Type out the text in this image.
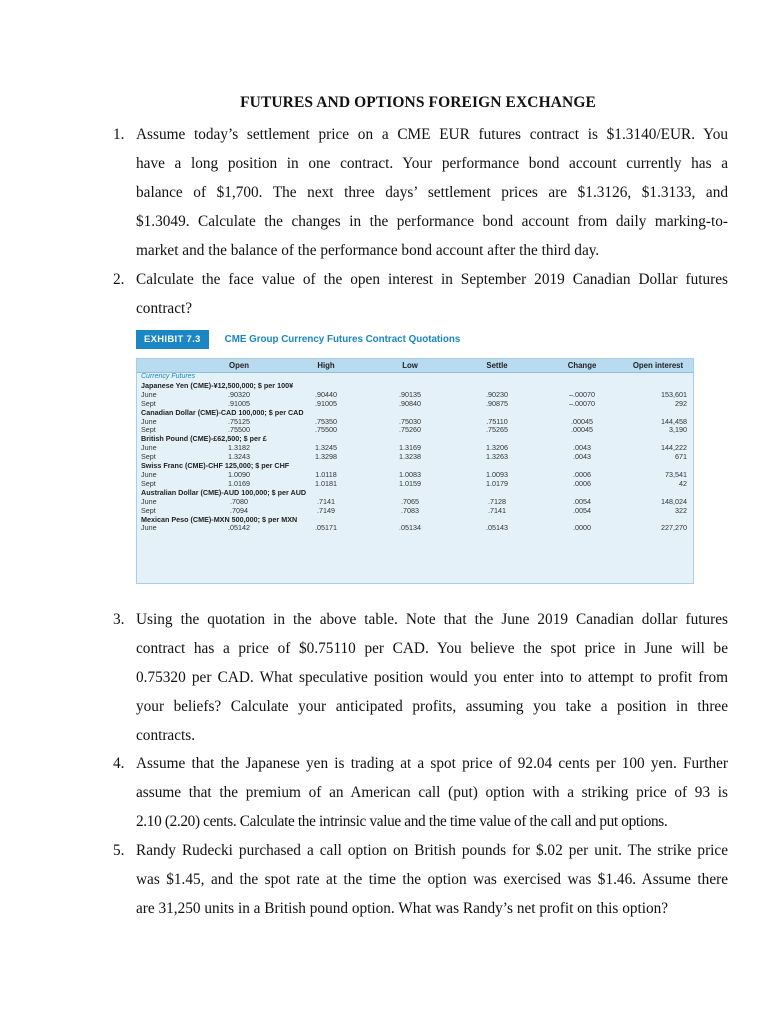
FUTURES AND OPTIONS FOREIGN EXCHANGE
1. Assume today’s settlement price on a CME EUR futures contract is $1.3140/EUR. You
have a long position in one contract. Your performance bond account currently has a
balance of $1,700. The next three days’ settlement prices are $1.3126, $1.3133, and
$1.3049. Calculate the changes in the performance bond account from daily marking-to-
market and the balance of the performance bond account after the third day.
2. Calculate the face value of the open interest in September 2019 Canadian Dollar futures
contract?
EXHIBIT 7.3	CME Group Currency Futures Contract Quotations
	Open	High	Low	Settle	Change	Open interest
Currency Futures						
Japanese Yen (CME)-¥12,500,000; $ per 100¥						
June	.90320	.90440	.90135	.90230	–.00070	153,601
Sept	.91005	.91005	.90840	.90875	–.00070	292
Canadian Dollar (CME)-CAD 100,000; $ per CAD						
June	.75125	.75350	.75030	.75110	.00045	144,458
Sept	.75500	.75500	.75260	.75265	.00045	3,190
British Pound (CME)-£62,500; $ per £						
June	1.3182	1.3245	1.3169	1.3206	.0043	144,222
Sept	1.3243	1.3298	1.3238	1.3263	.0043	671
Swiss Franc (CME)-CHF 125,000; $ per CHF						
June	1.0090	1.0118	1.0083	1.0093	.0006	73,541
Sept	1.0169	1.0181	1.0159	1.0179	.0006	42
Australian Dollar (CME)-AUD 100,000; $ per AUD						
June	.7080	.7141	.7065	.7128	.0054	148,024
Sept	.7094	.7149	.7083	.7141	.0054	322
Mexican Peso (CME)-MXN 500,000; $ per MXN						
June	.05142	.05171	.05134	.05143	.0000	227,270
3. Using the quotation in the above table. Note that the June 2019 Canadian dollar futures
contract has a price of $0.75110 per CAD. You believe the spot price in June will be
0.75320 per CAD. What speculative position would you enter into to attempt to profit from
your beliefs? Calculate your anticipated profits, assuming you take a position in three
contracts.
4. Assume that the Japanese yen is trading at a spot price of 92.04 cents per 100 yen. Further
assume that the premium of an American call (put) option with a striking price of 93 is
2.10 (2.20) cents. Calculate the intrinsic value and the time value of the call and put options.
5. Randy Rudecki purchased a call option on British pounds for $.02 per unit. The strike price
was $1.45, and the spot rate at the time the option was exercised was $1.46. Assume there
are 31,250 units in a British pound option. What was Randy’s net profit on this option?
